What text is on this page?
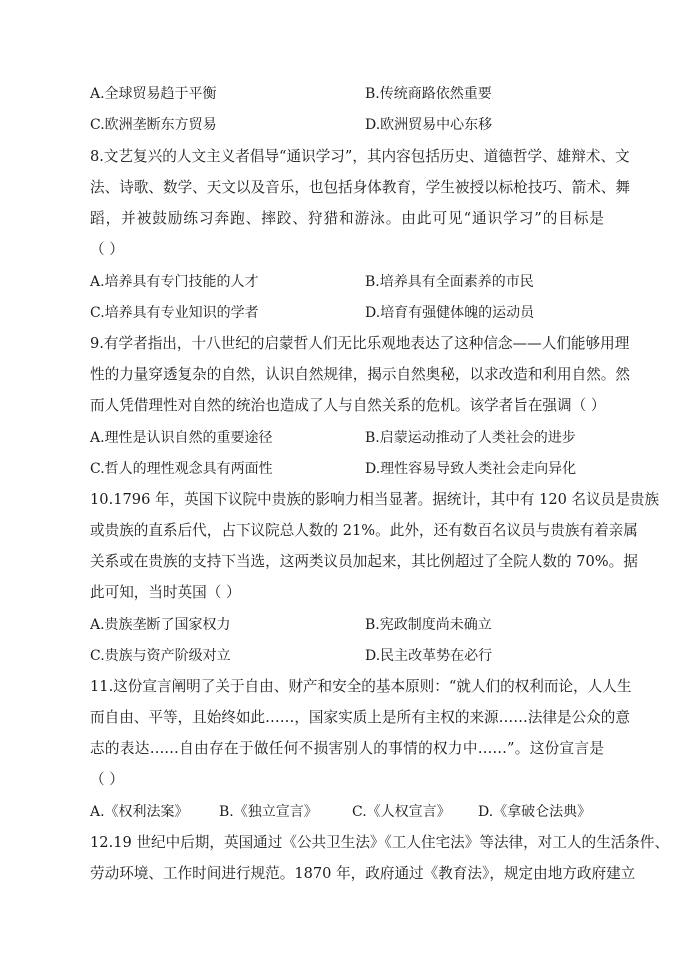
A.全球贸易趋于平衡	B.传统商路依然重要
C.欧洲垄断东方贸易	D.欧洲贸易中心东移
8.文艺复兴的人文主义者倡导“通识学习”，其内容包括历史、道德哲学、雄辩术、文
法、诗歌、数学、天文以及音乐，也包括身体教育，学生被授以标枪技巧、箭术、舞
蹈，并被鼓励练习奔跑、摔跤、狩猎和游泳。由此可见“通识学习”的目标是
（ ）
A.培养具有专门技能的人才	B.培养具有全面素养的市民
C.培养具有专业知识的学者	D.培育有强健体魄的运动员
9.有学者指出，十八世纪的启蒙哲人们无比乐观地表达了这种信念——人们能够用理
性的力量穿透复杂的自然，认识自然规律，揭示自然奥秘，以求改造和利用自然。然
而人凭借理性对自然的统治也造成了人与自然关系的危机。该学者旨在强调（ ）
A.理性是认识自然的重要途径	B.启蒙运动推动了人类社会的进步
C.哲人的理性观念具有两面性	D.理性容易导致人类社会走向异化
10.1796 年，英国下议院中贵族的影响力相当显著。据统计，其中有 120 名议员是贵族
或贵族的直系后代，占下议院总人数的 21%。此外，还有数百名议员与贵族有着亲属
关系或在贵族的支持下当选，这两类议员加起来，其比例超过了全院人数的 70%。据
此可知，当时英国（ ）
A.贵族垄断了国家权力	B.宪政制度尚未确立
C.贵族与资产阶级对立	D.民主改革势在必行
11.这份宣言阐明了关于自由、财产和安全的基本原则：“就人们的权利而论，人人生
而自由、平等，且始终如此……，国家实质上是所有主权的来源……法律是公众的意
志的表达……自由存在于做任何不损害别人的事情的权力中……”。这份宣言是
（ ）
A.《权利法案》 B.《独立宣言》 C.《人权宣言》 D.《拿破仑法典》
12.19 世纪中后期，英国通过《公共卫生法》《工人住宅法》等法律，对工人的生活条件、
劳动环境、工作时间进行规范。1870 年，政府通过《教育法》，规定由地方政府建立
